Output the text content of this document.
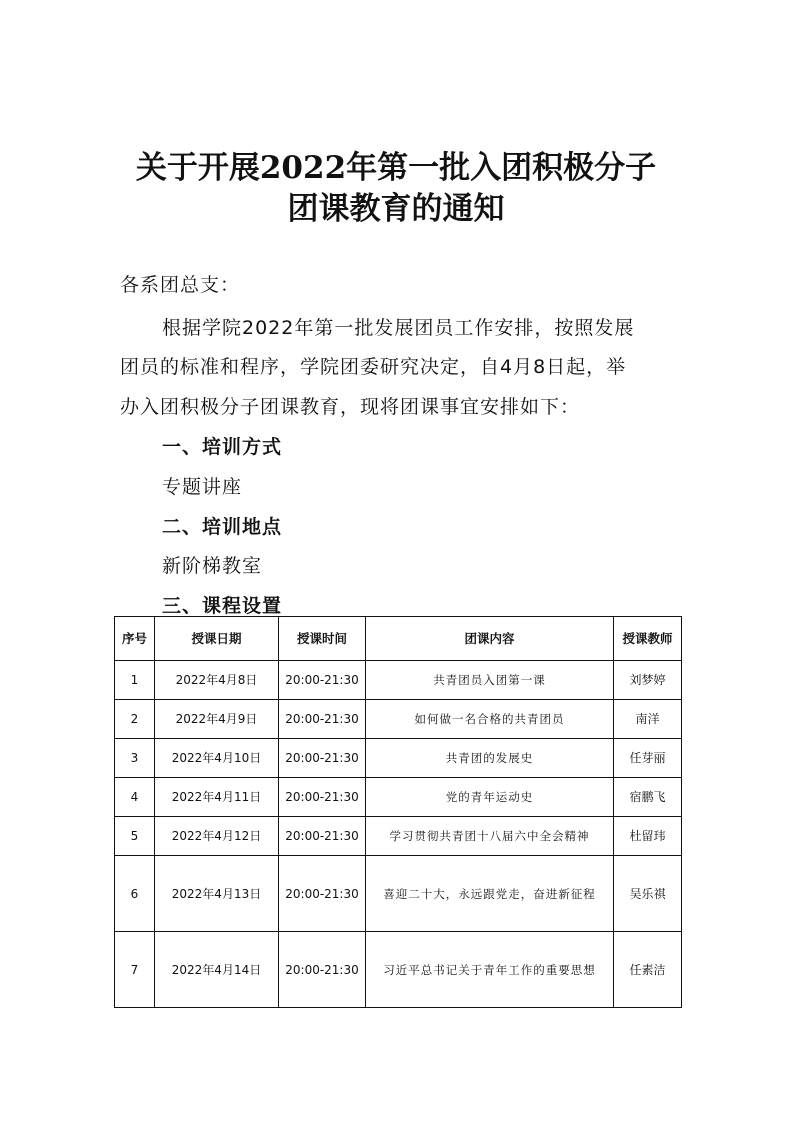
关于开展2022年第一批入团积极分子
团课教育的通知
各系团总支：
根据学院2022年第一批发展团员工作安排，按照发展
团员的标准和程序，学院团委研究决定，自4月8日起，举
办入团积极分子团课教育，现将团课事宜安排如下：
一、培训方式
专题讲座
二、培训地点
新阶梯教室
三、课程设置
序号	授课日期	授课时间	团课内容	授课教师
1	2022年4月8日	20:00-21:30	共青团员入团第一课	刘梦婷
2	2022年4月9日	20:00-21:30	如何做一名合格的共青团员	南洋
3	2022年4月10日	20:00-21:30	共青团的发展史	任芽丽
4	2022年4月11日	20:00-21:30	党的青年运动史	宿鹏飞
5	2022年4月12日	20:00-21:30	学习贯彻共青团十八届六中全会精神	杜留玮
6	2022年4月13日	20:00-21:30	喜迎二十大，永远跟党走，奋进新征程	吴乐祺
7	2022年4月14日	20:00-21:30	习近平总书记关于青年工作的重要思想	任素洁
